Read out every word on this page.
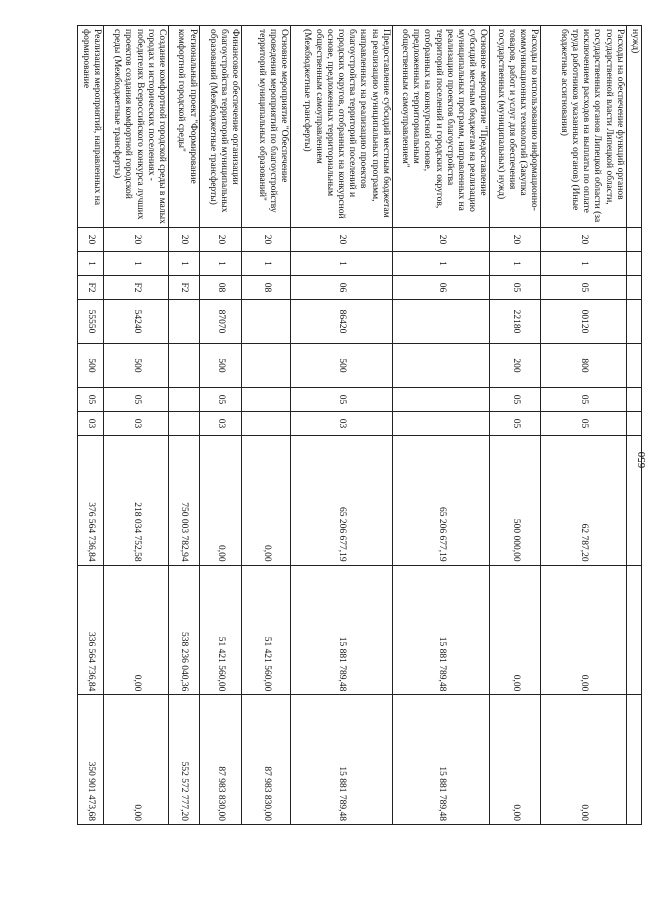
650
нужд)										
Расходы на обеспечение функций органов государственной власти Липецкой области, государственных органов Липецкой области (за исключением расходов на выплаты по оплате труда работников указанных органов) (Иные бюджетные ассигнования)	20	1	05	00120	800	05	05	62 787,20	0,00	0,00
Расходы по использованию информационно-коммуникационных технологий (Закупка товаров, работ и услуг для обеспечения государственных (муниципальных) нужд)	20	1	05	22180	200	05	05	500 000,00	0,00	0,00
Основное мероприятие "Предоставление субсидий местным бюджетам на реализацию муниципальных программ, направленных на реализацию проектов благоустройства территорий поселений и городских округов, отобранных на конкурсной основе, предложенных территориальным общественным самоуправлением"	20	1	06					65 206 677,19	15 881 789,48	15 881 789,48
Предоставление субсидий местным бюджетам на реализацию муниципальных программ, направленных на реализацию проектов благоустройства территорий поселений и городских округов, отобранных на конкурсной основе, предложенных территориальным общественным самоуправлением (Межбюджетные трансферты)	20	1	06	86420	500	05	03	65 206 677,19	15 881 789,48	15 881 789,48
Основное мероприятие "Обеспечение проведения мероприятий по благоустройству территорий муниципальных образований"	20	1	08					0,00	51 421 560,00	87 983 830,00
Финансовое обеспечение организации благоустройства территорий муниципальных образований (Межбюджетные трансферты)	20	1	08	87070	500	05	03	0,00	51 421 560,00	87 983 830,00
Региональный проект "Формирование комфортной городской среды"	20	1	F2					750 003 782,94	538 236 040,36	552 572 777,20
Создание комфортной городской среды в малых городах и исторических поселениях - победителях Всероссийского конкурса лучших проектов создания комфортной городской среды (Межбюджетные трансферты)	20	1	F2	54240	500	05	03	218 034 752,58	0,00	0,00
Реализация мероприятий, направленных на формирование	20	1	F2	55550	500	05	03	376 564 736,84	336 564 736,84	350 901 473,68
